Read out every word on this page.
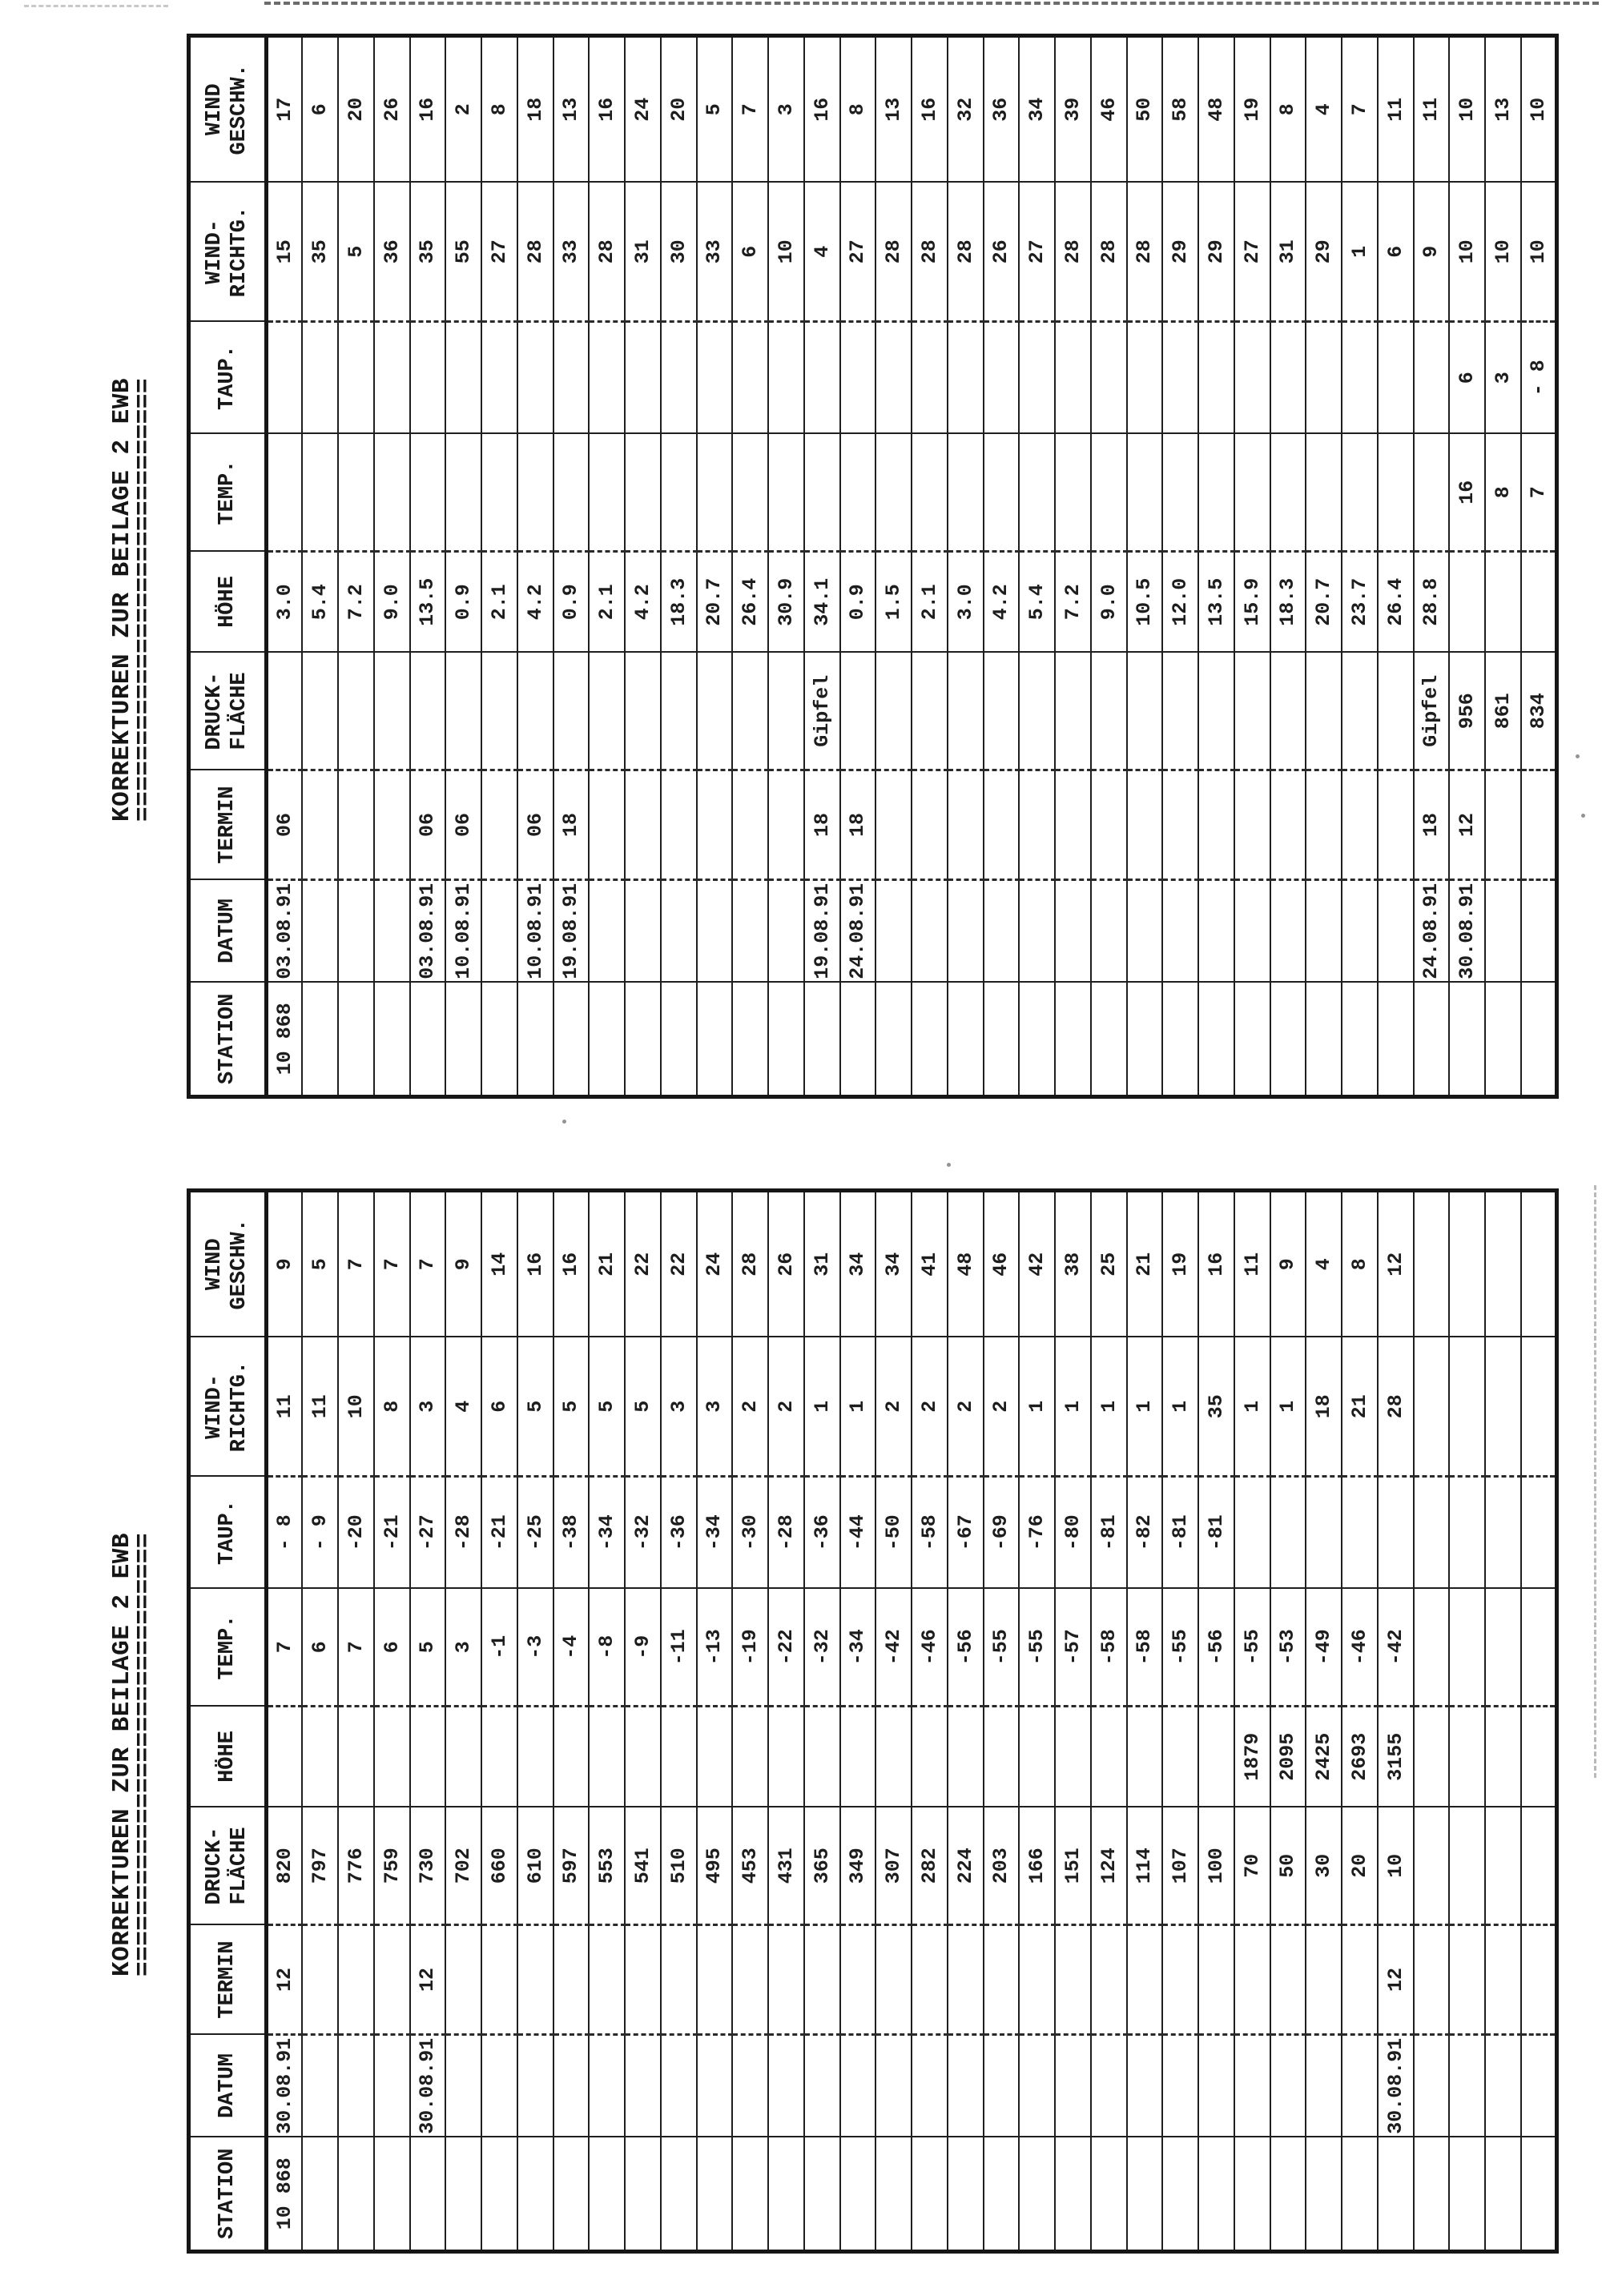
KORREKTUREN ZUR BEILAGE 2 EWB
=============================
STATION

DATUM

TERMIN

DRUCK- FLÄCHE

HÖHE

TEMP.

TAUP.

WIND- RICHTG.

WIND GESCHW.

10 868	03.08.91	06		3.0			15	17
				5.4			35	6
				7.2			5	20
				9.0			36	26
	03.08.91	06		13.5			35	16
	10.08.91	06		0.9			55	2
				2.1			27	8
	10.08.91	06		4.2			28	18
	19.08.91	18		0.9			33	13
				2.1			28	16
				4.2			31	24
				18.3			30	20
				20.7			33	5
				26.4			6	7
				30.9			10	3
	19.08.91	18	Gipfel	34.1			4	16
	24.08.91	18		0.9			27	8
				1.5			28	13
				2.1			28	16
				3.0			28	32
				4.2			26	36
				5.4			27	34
				7.2			28	39
				9.0			28	46
				10.5			28	50
				12.0			29	58
				13.5			29	48
				15.9			27	19
				18.3			31	8
				20.7			29	4
				23.7			1	7
				26.4			6	11
	24.08.91	18	Gipfel	28.8			9	11
	30.08.91	12	956		16	6	10	10
			861		8	3	10	13
			834		7	- 8	10	10
KORREKTUREN ZUR BEILAGE 2 EWB
=============================
STATION

DATUM

TERMIN

DRUCK- FLÄCHE

HÖHE

TEMP.

TAUP.

WIND- RICHTG.

WIND GESCHW.

10 868	30.08.91	12	820		7	- 8	11	9
			797		6	- 9	11	5
			776		7	-20	10	7
			759		6	-21	8	7
	30.08.91	12	730		5	-27	3	7
			702		3	-28	4	9
			660		-1	-21	6	14
			610		-3	-25	5	16
			597		-4	-38	5	16
			553		-8	-34	5	21
			541		-9	-32	5	22
			510		-11	-36	3	22
			495		-13	-34	3	24
			453		-19	-30	2	28
			431		-22	-28	2	26
			365		-32	-36	1	31
			349		-34	-44	1	34
			307		-42	-50	2	34
			282		-46	-58	2	41
			224		-56	-67	2	48
			203		-55	-69	2	46
			166		-55	-76	1	42
			151		-57	-80	1	38
			124		-58	-81	1	25
			114		-58	-82	1	21
			107		-55	-81	1	19
			100		-56	-81	35	16
			70	1879	-55		1	11
			50	2095	-53		1	9
			30	2425	-49		18	4
			20	2693	-46		21	8
	30.08.91	12	10	3155	-42		28	12
